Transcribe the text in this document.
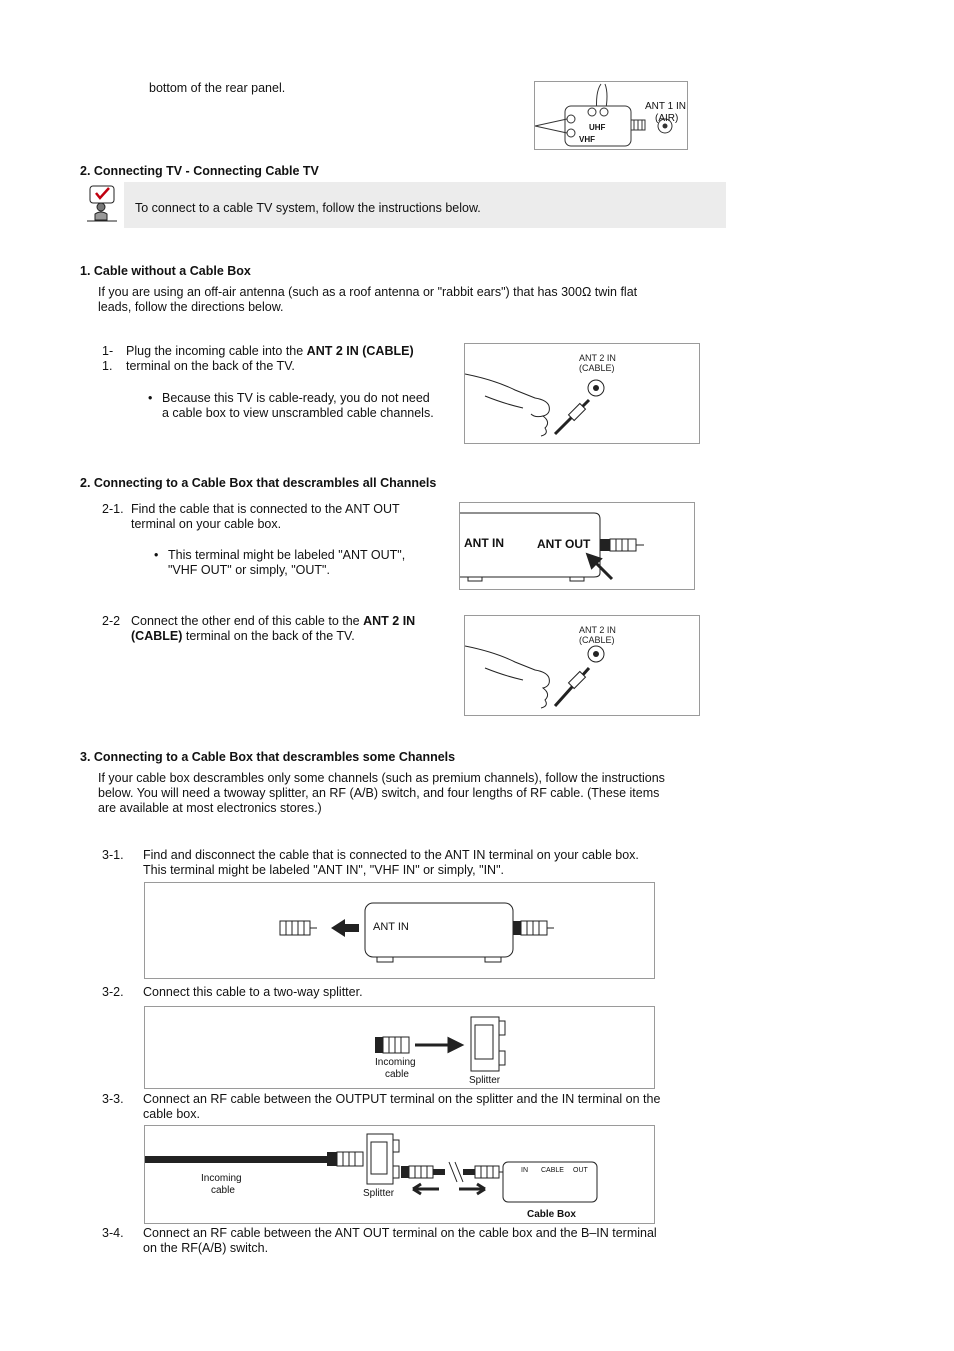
bottom of the rear panel.
UHF
VHF
ANT 1 IN
(AIR)
2. Connecting TV - Connecting Cable TV
To connect to a cable TV system, follow the instructions below.
1. Cable without a Cable Box
If you are using an off-air antenna (such as a roof antenna or "rabbit ears") that has 300Ω twin flat
leads, follow the directions below.
1-
1.
Plug the incoming cable into the ANT 2 IN (CABLE)
terminal on the back of the TV.
• Because this TV is cable-ready, you do not need
a cable box to view unscrambled cable channels.
ANT 2 IN
(CABLE)
2. Connecting to a Cable Box that descrambles all Channels
2-1. Find the cable that is connected to the ANT OUT
terminal on your cable box.
• This terminal might be labeled "ANT OUT",
"VHF OUT" or simply, "OUT".
ANT IN	ANT OUT
2-2 Connect the other end of this cable to the ANT 2 IN
(CABLE) terminal on the back of the TV.	ANT 2 IN
(CABLE)
3. Connecting to a Cable Box that descrambles some Channels
If your cable box descrambles only some channels (such as premium channels), follow the instructions
below. You will need a twoway splitter, an RF (A/B) switch, and four lengths of RF cable. (These items
are available at most electronics stores.)
3-1. Find and disconnect the cable that is connected to the ANT IN terminal on your cable box.
This terminal might be labeled "ANT IN", "VHF IN" or simply, "IN".
ANT IN
3-2. Connect this cable to a two-way splitter.
Incoming
cable
Splitter
3-3. Connect an RF cable between the OUTPUT terminal on the splitter and the IN terminal on the
cable box.
Incoming
cable	Splitter
IN CABLE OUT
Cable Box
3-4. Connect an RF cable between the ANT OUT terminal on the cable box and the B–IN terminal
on the RF(A/B) switch.
